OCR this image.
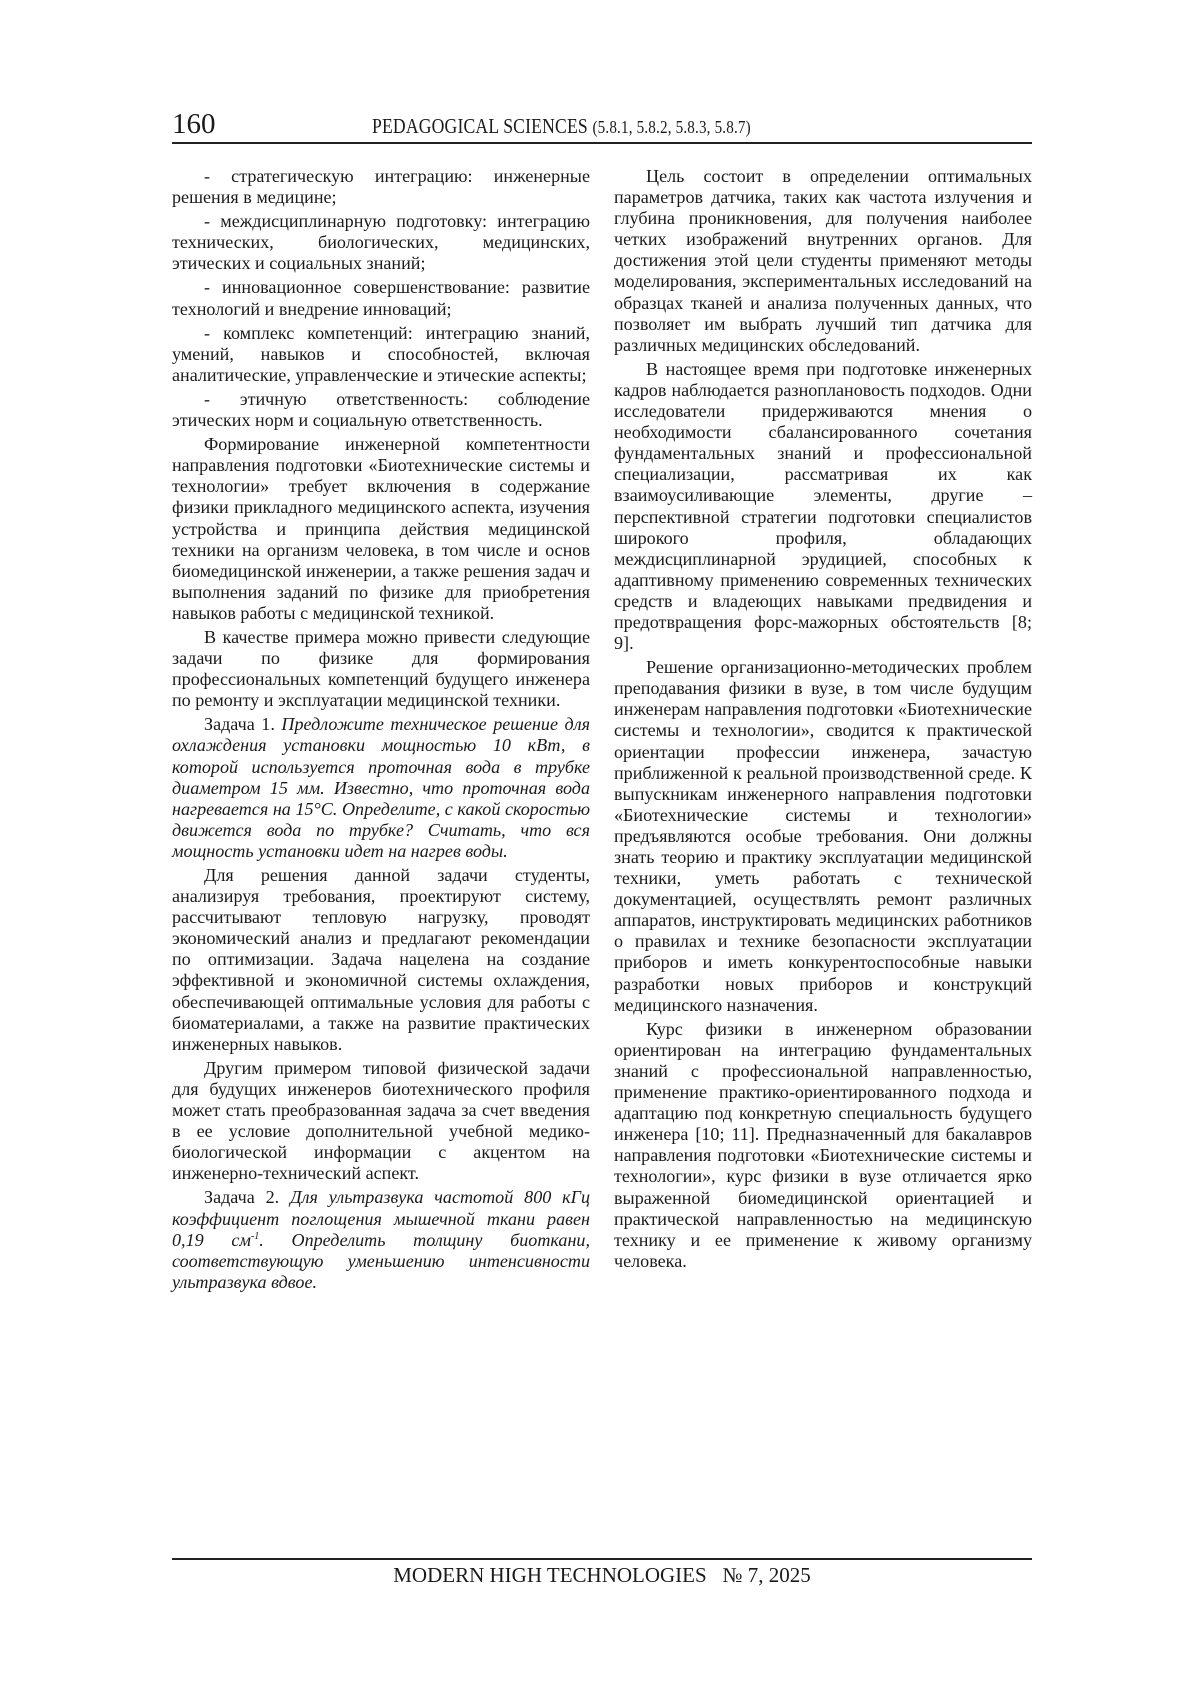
160	PEDAGOGICAL SCIENCES (5.8.1, 5.8.2, 5.8.3, 5.8.7)

- стратегическую интеграцию: инженерные решения в медицине;

- междисциплинарную подготовку: интеграцию технических, биологических, медицинских, этических и социальных знаний;

- инновационное совершенствование: развитие технологий и внедрение инноваций;

- комплекс компетенций: интеграцию знаний, умений, навыков и способностей, включая аналитические, управленческие и этические аспекты;

- этичную ответственность: соблюдение этических норм и социальную ответственность.

Формирование инженерной компетентности направления подготовки «Биотехнические системы и технологии» требует включения в содержание физики прикладного медицинского аспекта, изучения устройства и принципа действия медицинской техники на организм человека, в том числе и основ биомедицинской инженерии, а также решения задач и выполнения заданий по физике для приобретения навыков работы с медицинской техникой.

В качестве примера можно привести следующие задачи по физике для формирования профессиональных компетенций будущего инженера по ремонту и эксплуатации медицинской техники.

Задача 1. Предложите техническое решение для охлаждения установки мощностью 10 кВт, в которой используется проточная вода в трубке диаметром 15 мм. Известно, что проточная вода нагревается на 15°C. Определите, с какой скоростью движется вода по трубке? Считать, что вся мощность установки идет на нагрев воды.

Для решения данной задачи студенты, анализируя требования, проектируют систему, рассчитывают тепловую нагрузку, проводят экономический анализ и предлагают рекомендации по оптимизации. Задача нацелена на создание эффективной и экономичной системы охлаждения, обеспечивающей оптимальные условия для работы с биоматериалами, а также на развитие практических инженерных навыков.

Другим примером типовой физической задачи для будущих инженеров биотехнического профиля может стать преобразованная задача за счет введения в ее условие дополнительной учебной медико-биологической информации с акцентом на инженерно-технический аспект.

Задача 2. Для ультразвука частотой 800 кГц коэффициент поглощения мышечной ткани равен 0,19 $см^{-1}$. Определить толщину биоткани, соответствующую уменьшению интенсивности ультразвука вдвое.

Цель состоит в определении оптимальных параметров датчика, таких как частота излучения и глубина проникновения, для получения наиболее четких изображений внутренних органов. Для достижения этой цели студенты применяют методы моделирования, экспериментальных исследований на образцах тканей и анализа полученных данных, что позволяет им выбрать лучший тип датчика для различных медицинских обследований.

В настоящее время при подготовке инженерных кадров наблюдается разноплановость подходов. Одни исследователи придерживаются мнения о необходимости сбалансированного сочетания фундаментальных знаний и профессиональной специализации, рассматривая их как взаимоусиливающие элементы, другие – перспективной стратегии подготовки специалистов широкого профиля, обладающих междисциплинарной эрудицией, способных к адаптивному применению современных технических средств и владеющих навыками предвидения и предотвращения форс-мажорных обстоятельств [8; 9].

Решение организационно-методических проблем преподавания физики в вузе, в том числе будущим инженерам направления подготовки «Биотехнические системы и технологии», сводится к практической ориентации профессии инженера, зачастую приближенной к реальной производственной среде. К выпускникам инженерного направления подготовки «Биотехнические системы и технологии» предъявляются особые требования. Они должны знать теорию и практику эксплуатации медицинской техники, уметь работать с технической документацией, осуществлять ремонт различных аппаратов, инструктировать медицинских работников о правилах и технике безопасности эксплуатации приборов и иметь конкурентоспособные навыки разработки новых приборов и конструкций медицинского назначения.

Курс физики в инженерном образовании ориентирован на интеграцию фундаментальных знаний с профессиональной направленностью, применение практико-ориентированного подхода и адаптацию под конкретную специальность будущего инженера [10; 11]. Предназначенный для бакалавров направления подготовки «Биотехнические системы и технологии», курс физики в вузе отличается ярко выраженной биомедицинской ориентацией и практической направленностью на медицинскую технику и ее применение к живому организму человека.

MODERN HIGH TECHNOLOGIES № 7, 2025
